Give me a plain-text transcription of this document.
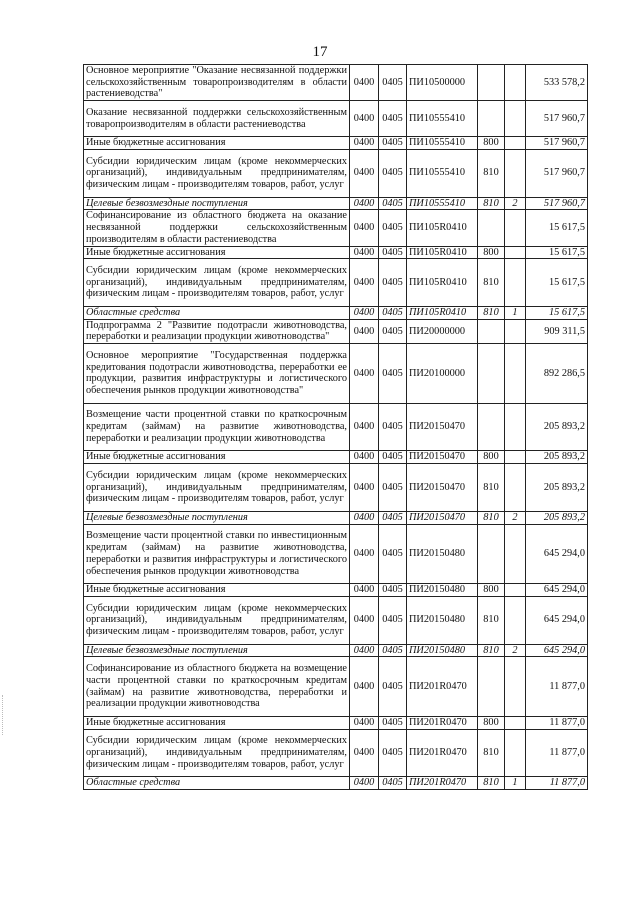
17
Основное мероприятие "Оказание несвязанной поддержки сельскохозяйственным товаропроизводителям в области растениеводства"	0400	0405	ПИ10500000			533 578,2
Оказание несвязанной поддержки сельскохозяйственным товаропроизводителям в области растениеводства	0400	0405	ПИ10555410			517 960,7
Иные бюджетные ассигнования	0400	0405	ПИ10555410	800		517 960,7
Субсидии юридическим лицам (кроме некоммерческих организаций), индивидуальным предпринимателям, физическим лицам - производителям товаров, работ, услуг	0400	0405	ПИ10555410	810		517 960,7
Целевые безвозмездные поступления	0400	0405	ПИ10555410	810	2	517 960,7
Софинансирование из областного бюджета на оказание несвязанной поддержки сельскохозяйственным производителям в области растениеводства	0400	0405	ПИ105R0410			15 617,5
Иные бюджетные ассигнования	0400	0405	ПИ105R0410	800		15 617,5
Субсидии юридическим лицам (кроме некоммерческих организаций), индивидуальным предпринимателям, физическим лицам - производителям товаров, работ, услуг	0400	0405	ПИ105R0410	810		15 617,5
Областные средства	0400	0405	ПИ105R0410	810	1	15 617,5
Подпрограмма 2 "Развитие подотрасли животноводства, переработки и реализации продукции животноводства"	0400	0405	ПИ20000000			909 311,5
Основное мероприятие "Государственная поддержка кредитования подотрасли животноводства, переработки ее продукции, развития инфраструктуры и логистического обеспечения рынков продукции животноводства"	0400	0405	ПИ20100000			892 286,5
Возмещение части процентной ставки по краткосрочным кредитам (займам) на развитие животноводства, переработки и реализации продукции животноводства	0400	0405	ПИ20150470			205 893,2
Иные бюджетные ассигнования	0400	0405	ПИ20150470	800		205 893,2
Субсидии юридическим лицам (кроме некоммерческих организаций), индивидуальным предпринимателям, физическим лицам - производителям товаров, работ, услуг	0400	0405	ПИ20150470	810		205 893,2
Целевые безвозмездные поступления	0400	0405	ПИ20150470	810	2	205 893,2
Возмещение части процентной ставки по инвестиционным кредитам (займам) на развитие животноводства, переработки и развития инфраструктуры и логистического обеспечения рынков продукции животноводства	0400	0405	ПИ20150480			645 294,0
Иные бюджетные ассигнования	0400	0405	ПИ20150480	800		645 294,0
Субсидии юридическим лицам (кроме некоммерческих организаций), индивидуальным предпринимателям, физическим лицам - производителям товаров, работ, услуг	0400	0405	ПИ20150480	810		645 294,0
Целевые безвозмездные поступления	0400	0405	ПИ20150480	810	2	645 294,0
Софинансирование из областного бюджета на возмещение части процентной ставки по краткосрочным кредитам (займам) на развитие животноводства, переработки и реализации продукции животноводства	0400	0405	ПИ201R0470			11 877,0
Иные бюджетные ассигнования	0400	0405	ПИ201R0470	800		11 877,0
Субсидии юридическим лицам (кроме некоммерческих организаций), индивидуальным предпринимателям, физическим лицам - производителям товаров, работ, услуг	0400	0405	ПИ201R0470	810		11 877,0
Областные средства	0400	0405	ПИ201R0470	810	1	11 877,0
